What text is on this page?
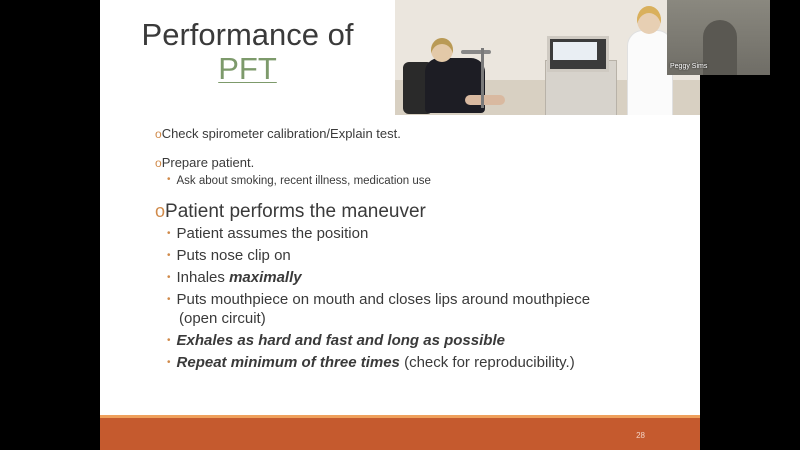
Performance of
PFT
oCheck spirometer calibration/Explain test.
oPrepare patient.
• Ask about smoking, recent illness, medication use
oPatient performs the maneuver
• Patient assumes the position
• Puts nose clip on
• Inhales maximally
• Puts mouthpiece on mouth and closes lips around mouthpiece
(open circuit)
• Exhales as hard and fast and long as possible
• Repeat minimum of three times (check for reproducibility.)
28
Peggy Sims
